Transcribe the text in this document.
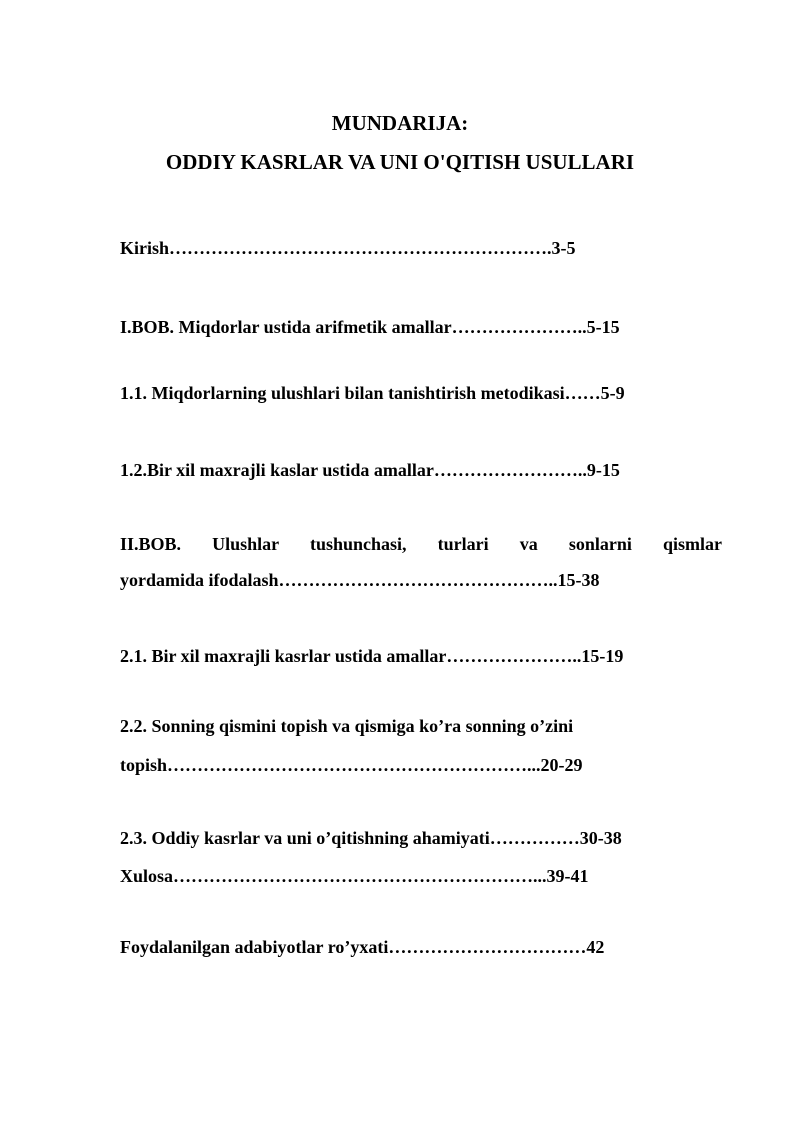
MUNDARIJA:
ODDIY KASRLAR VA UNI O'QITISH USULLARI
Kirish……………………………………………………….3-5
I.BOB. Miqdorlar ustida arifmetik amallar…………………..5-15
1.1. Miqdorlarning ulushlari bilan tanishtirish metodikasi……5-9
1.2.Bir xil maxrajli kaslar ustida amallar……………………..9-15
II.BOB. Ulushlar tushunchasi, turlari va sonlarni qismlar
yordamida ifodalash………………………………………..15-38
2.1. Bir xil maxrajli kasrlar ustida amallar…………………..15-19
2.2. Sonning qismini topish va qismiga ko’ra sonning o’zini
topish……………………………………………………...20-29
2.3. Oddiy kasrlar va uni o’qitishning ahamiyati……………30-38
Xulosa……………………………………………………...39-41
Foydalanilgan adabiyotlar ro’yxati……………………………42
